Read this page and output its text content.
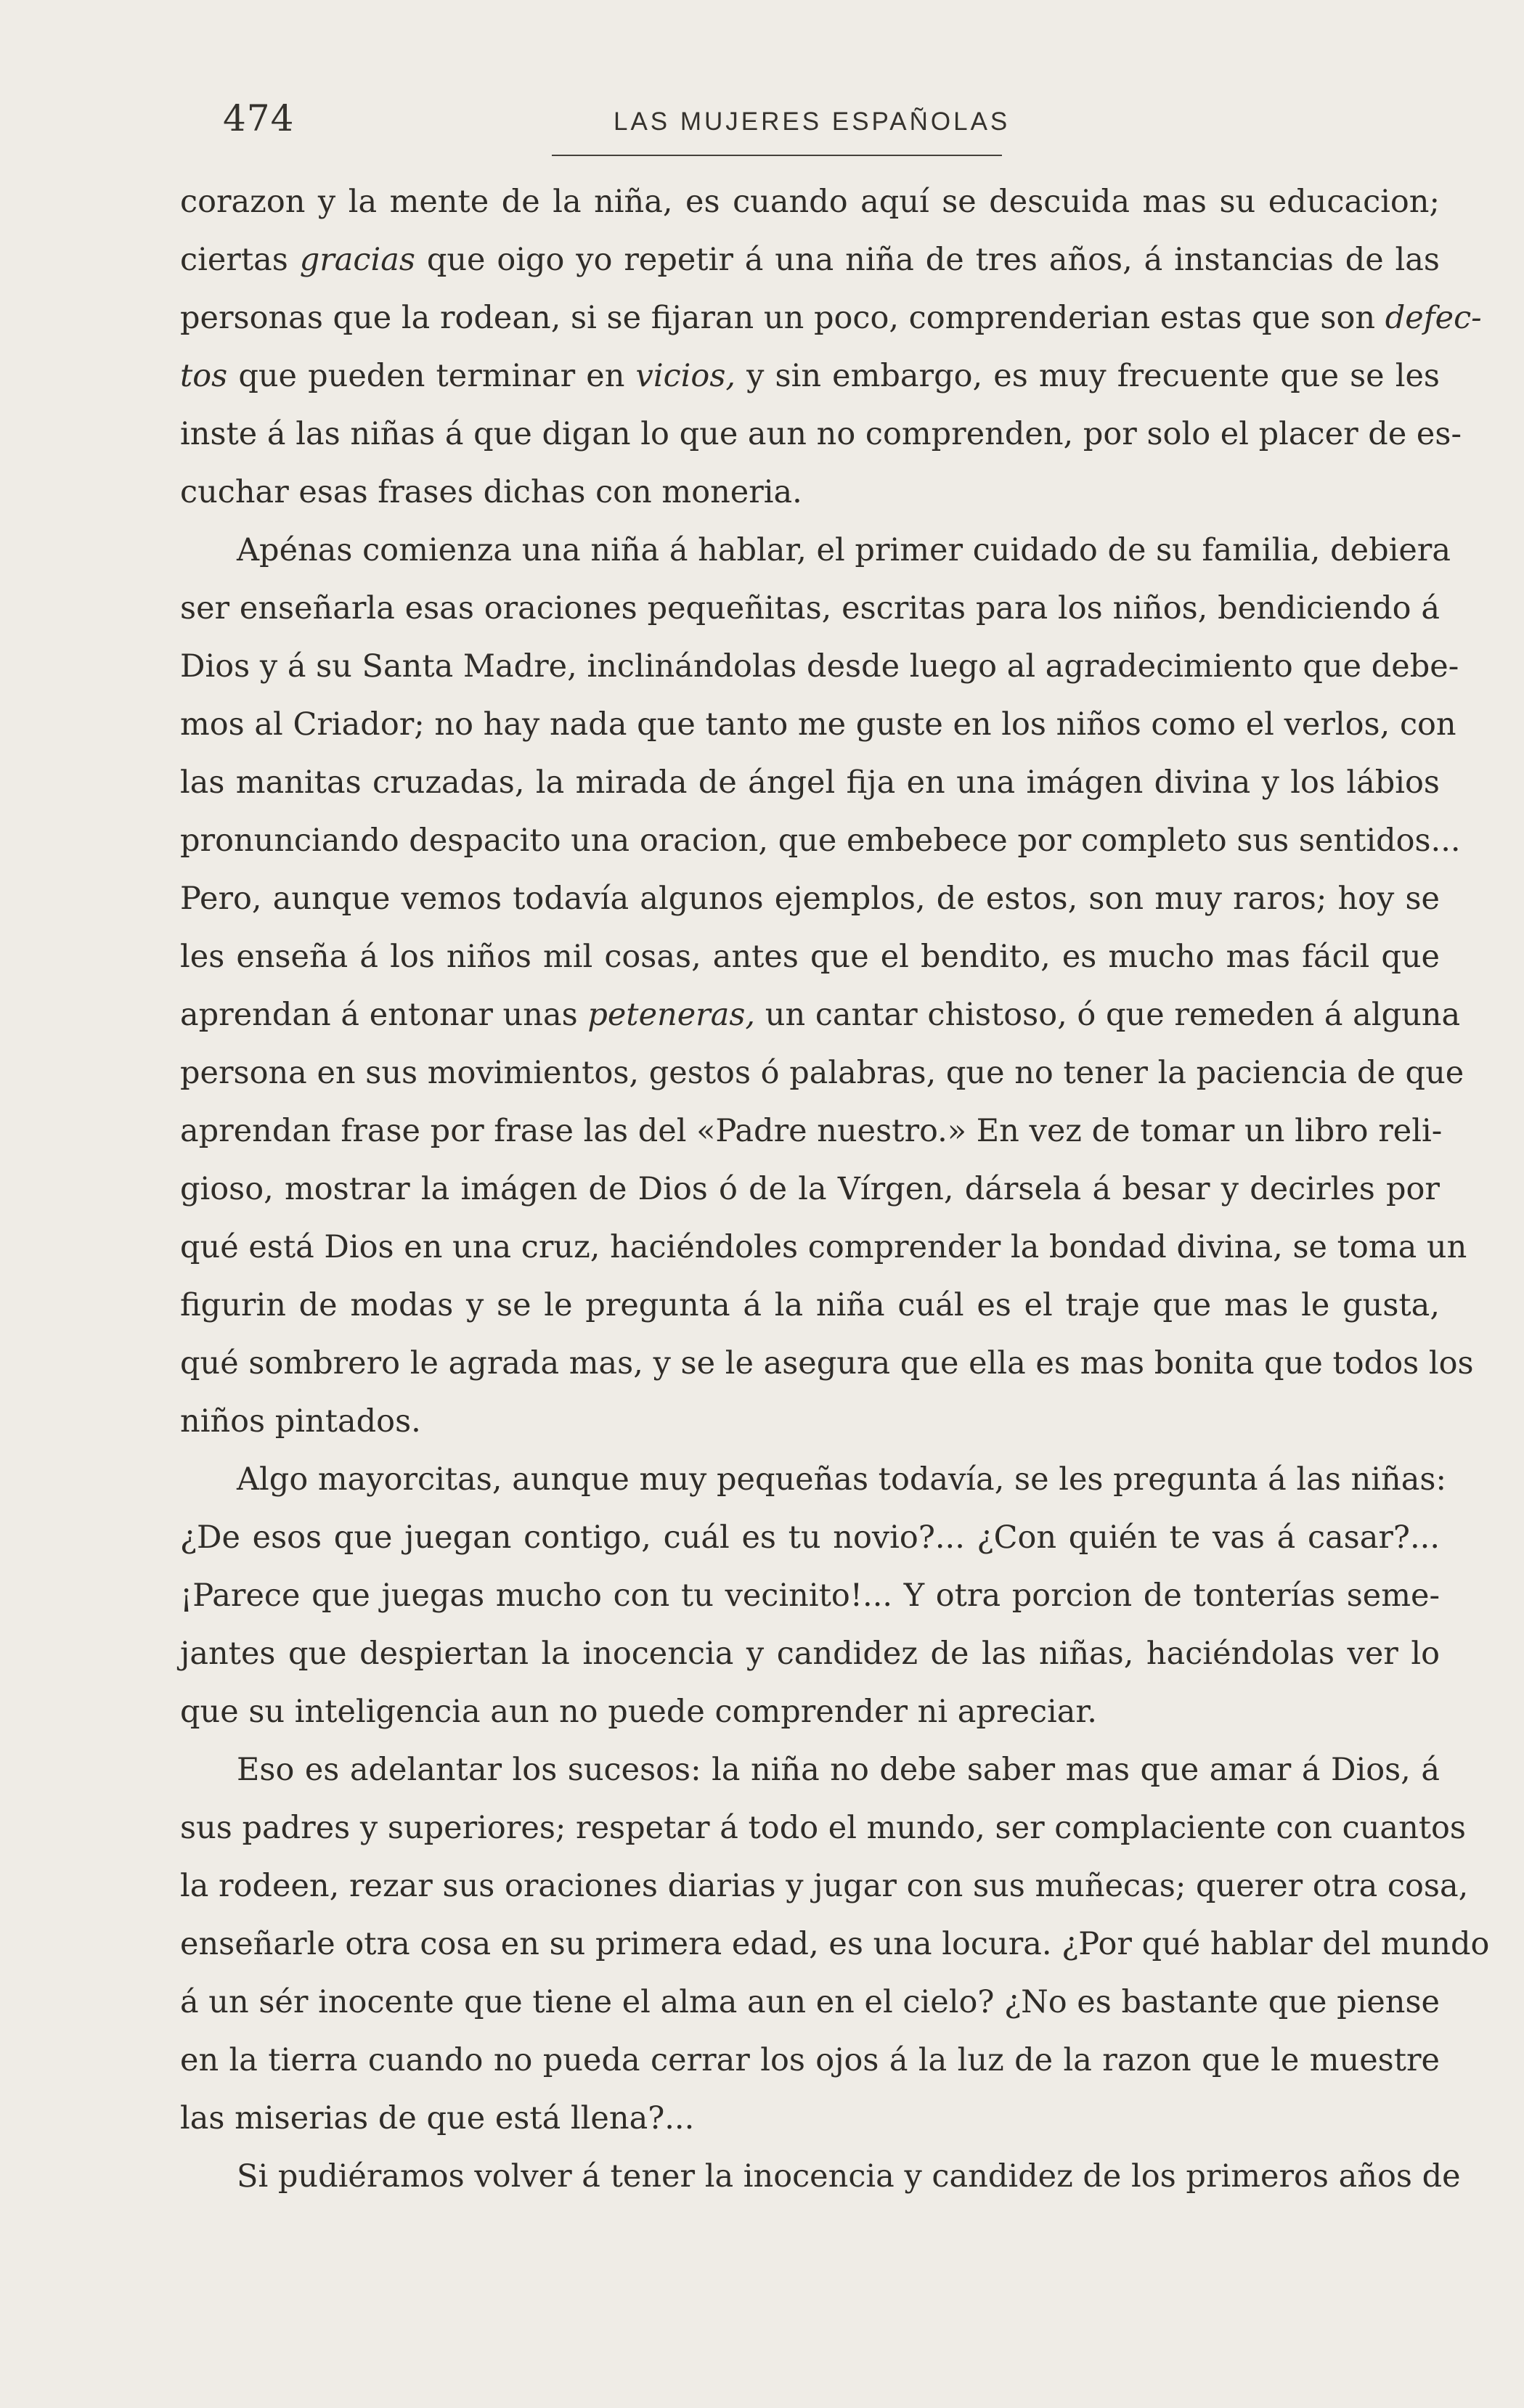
474	LAS MUJERES ESPAÑOLAS
corazon y la mente de la niña, es cuando aquí se descuida mas su educacion;
ciertas gracias que oigo yo repetir á una niña de tres años, á instancias de las
personas que la rodean, si se fijaran un poco, comprenderian estas que son defec-
tos que pueden terminar en vicios, y sin embargo, es muy frecuente que se les
inste á las niñas á que digan lo que aun no comprenden, por solo el placer de es-
cuchar esas frases dichas con moneria.
Apénas comienza una niña á hablar, el primer cuidado de su familia, debiera
ser enseñarla esas oraciones pequeñitas, escritas para los niños, bendiciendo á
Dios y á su Santa Madre, inclinándolas desde luego al agradecimiento que debe-
mos al Criador; no hay nada que tanto me guste en los niños como el verlos, con
las manitas cruzadas, la mirada de ángel fija en una imágen divina y los lábios
pronunciando despacito una oracion, que embebece por completo sus sentidos...
Pero, aunque vemos todavía algunos ejemplos, de estos, son muy raros; hoy se
les enseña á los niños mil cosas, antes que el bendito, es mucho mas fácil que
aprendan á entonar unas peteneras, un cantar chistoso, ó que remeden á alguna
persona en sus movimientos, gestos ó palabras, que no tener la paciencia de que
aprendan frase por frase las del «Padre nuestro.» En vez de tomar un libro reli-
gioso, mostrar la imágen de Dios ó de la Vírgen, dársela á besar y decirles por
qué está Dios en una cruz, haciéndoles comprender la bondad divina, se toma un
figurin de modas y se le pregunta á la niña cuál es el traje que mas le gusta,
qué sombrero le agrada mas, y se le asegura que ella es mas bonita que todos los
niños pintados.
Algo mayorcitas, aunque muy pequeñas todavía, se les pregunta á las niñas:
¿De esos que juegan contigo, cuál es tu novio?... ¿Con quién te vas á casar?...
¡Parece que juegas mucho con tu vecinito!... Y otra porcion de tonterías seme-
jantes que despiertan la inocencia y candidez de las niñas, haciéndolas ver lo
que su inteligencia aun no puede comprender ni apreciar.
Eso es adelantar los sucesos: la niña no debe saber mas que amar á Dios, á
sus padres y superiores; respetar á todo el mundo, ser complaciente con cuantos
la rodeen, rezar sus oraciones diarias y jugar con sus muñecas; querer otra cosa,
enseñarle otra cosa en su primera edad, es una locura. ¿Por qué hablar del mundo
á un sér inocente que tiene el alma aun en el cielo? ¿No es bastante que piense
en la tierra cuando no pueda cerrar los ojos á la luz de la razon que le muestre
las miserias de que está llena?...
Si pudiéramos volver á tener la inocencia y candidez de los primeros años de
